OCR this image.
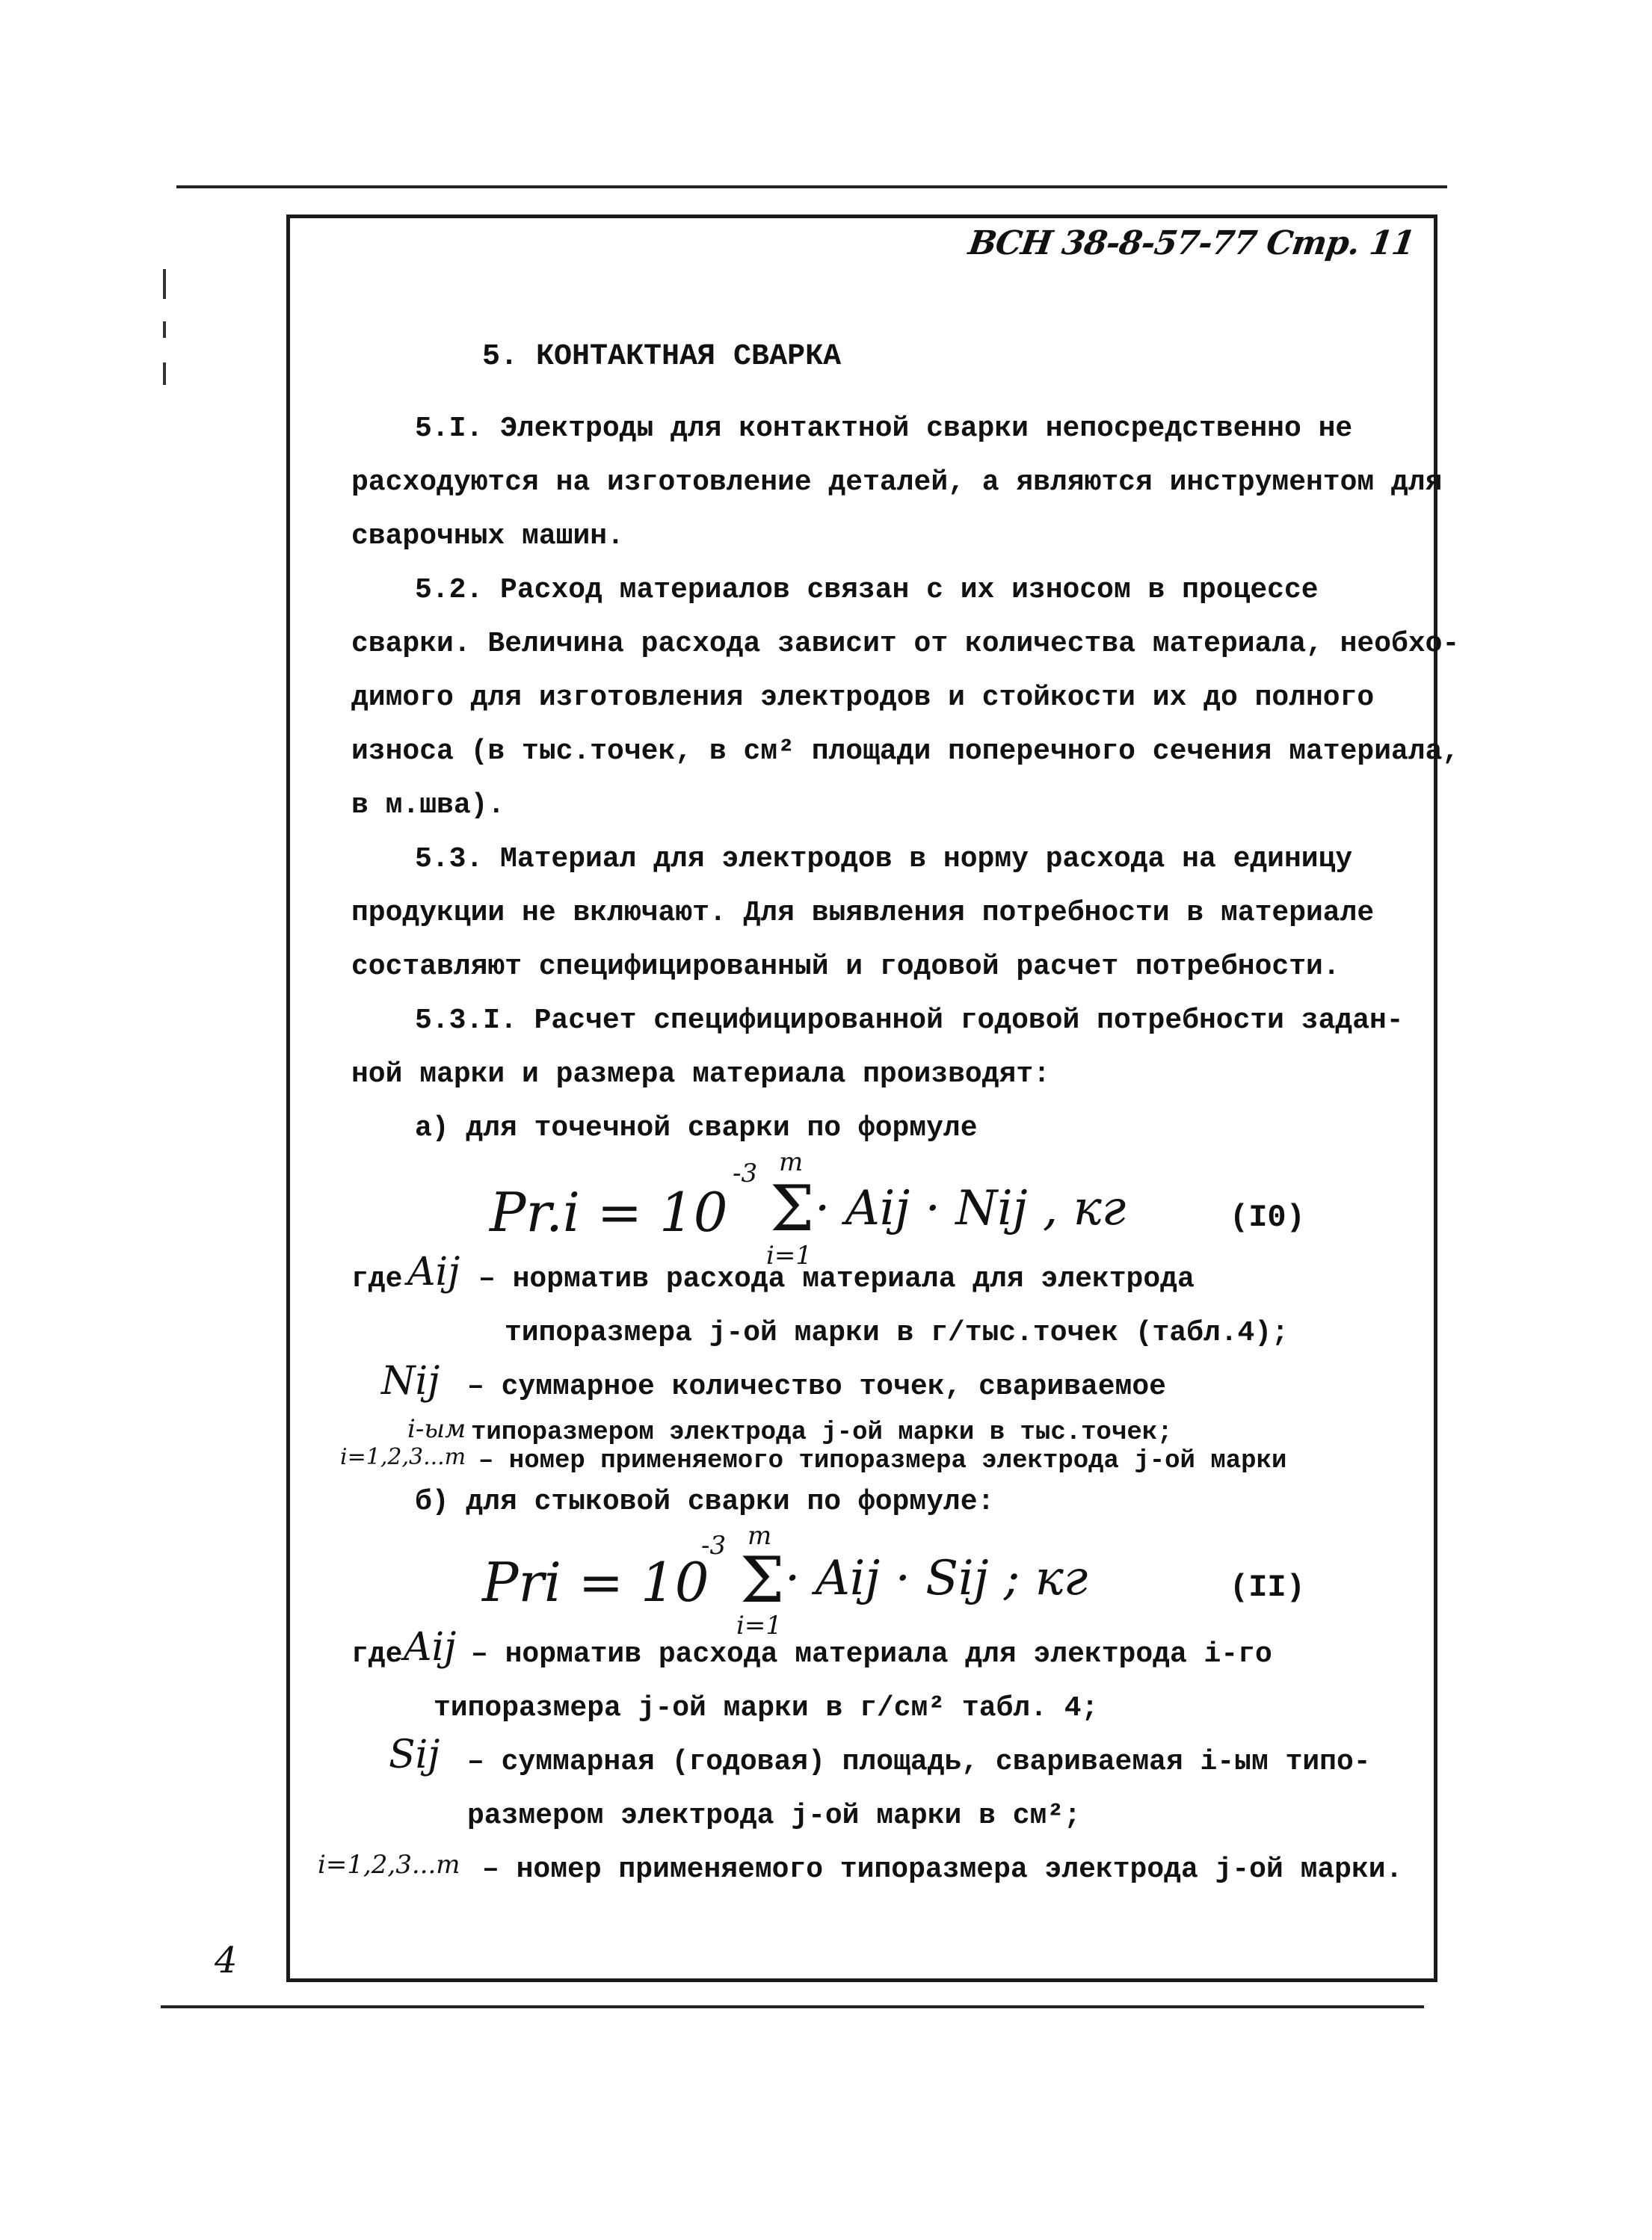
ВСН 38-8-57-77 Стр. 11
5. КОНТАКТНАЯ СВАРКА
5.I. Электроды для контактной сварки непосредственно не
расходуются на изготовление деталей, а являются инструментом для
сварочных машин.
5.2. Расход материалов связан с их износом в процессе
сварки. Величина расхода зависит от количества материала, необхо-
димого для изготовления электродов и стойкости их до полного
износа (в тыс.точек, в см² площади поперечного сечения материала,
в м.шва).
5.3. Материал для электродов в норму расхода на единицу
продукции не включают. Для выявления потребности в материале
составляют специфицированный и годовой расчет потребности.
5.3.I. Расчет специфицированной годовой потребности задан-
ной марки и размера материала производят:
а) для точечной сварки по формуле
Pr.i = 10
-3 m
Σ
i=1
· Aij · Nij , кг	(I0)
где Aij – норматив расхода материала для электрода
типоразмера j-ой марки в г/тыс.точек (табл.4);
Nij – суммарное количество точек, свариваемое
i-ым типоразмером электрода j-ой марки в тыс.точек;
i=1,2,3...m – номер применяемого типоразмера электрода j-ой марки
б) для стыковой сварки по формуле:
Pri = 10
-3 m
Σ
i=1
· Aij · Sij ; кг	(II)
где Aij – норматив расхода материала для электрода i-го
типоразмера j-ой марки в г/см² табл. 4;
Sij – суммарная (годовая) площадь, свариваемая i-ым типо-
размером электрода j-ой марки в см²;
i=1,2,3...m – номер применяемого типоразмера электрода j-ой марки.
4
